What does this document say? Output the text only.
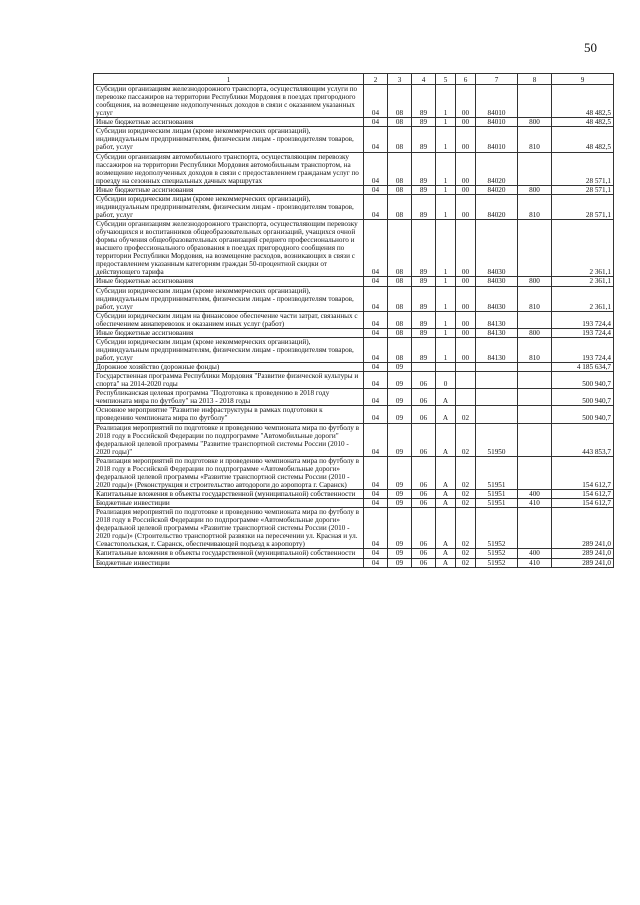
50
1	2	3	4	5	6	7	8	9
Субсидии организациям железнодорожного транспорта, осуществляющим услуги по перевозке пассажиров на территории Республики Мордовия в поездах пригородного сообщения, на возмещение недополученных доходов в связи с оказанием указанных услуг	04	08	89	1	00	84010		48 482,5
Иные бюджетные ассигнования	04	08	89	1	00	84010	800	48 482,5
Субсидии юридическим лицам (кроме некоммерческих организаций), индивидуальным предпринимателям, физическим лицам - производителям товаров, работ, услуг	04	08	89	1	00	84010	810	48 482,5
Субсидии организациям автомобильного транспорта, осуществляющим перевозку пассажиров на территории Республики Мордовия автомобильным транспортом, на возмещение недополученных доходов в связи с предоставлением гражданам услуг по проезду на сезонных специальных дачных маршрутах	04	08	89	1	00	84020		28 571,1
Иные бюджетные ассигнования	04	08	89	1	00	84020	800	28 571,1
Субсидии юридическим лицам (кроме некоммерческих организаций), индивидуальным предпринимателям, физическим лицам - производителям товаров, работ, услуг	04	08	89	1	00	84020	810	28 571,1
Субсидии организациям железнодорожного транспорта, осуществляющим перевозку обучающихся и воспитанников общеобразовательных организаций, учащихся очной формы обучения общеобразовательных организаций среднего профессионального и высшего профессионального образования в поездах пригородного сообщения по территории Республики Мордовия, на возмещение расходов, возникающих в связи с предоставлением указанным категориям граждан 50-процентной скидки от действующего тарифа	04	08	89	1	00	84030		2 361,1
Иные бюджетные ассигнования	04	08	89	1	00	84030	800	2 361,1
Субсидии юридическим лицам (кроме некоммерческих организаций), индивидуальным предпринимателям, физическим лицам - производителям товаров, работ, услуг	04	08	89	1	00	84030	810	2 361,1
Субсидии юридическим лицам на финансовое обеспечение части затрат, связанных с обеспечением авиаперевозок и оказанием иных услуг (работ)	04	08	89	1	00	84130		193 724,4
Иные бюджетные ассигнования	04	08	89	1	00	84130	800	193 724,4
Субсидии юридическим лицам (кроме некоммерческих организаций), индивидуальным предпринимателям, физическим лицам - производителям товаров, работ, услуг	04	08	89	1	00	84130	810	193 724,4
Дорожное хозяйство (дорожные фонды)	04	09						4 185 634,7
Государственная программа Республики Мордовия "Развитие физической культуры и спорта" на 2014-2020 годы	04	09	06	0				500 940,7
Республиканская целевая программа "Подготовка к проведению в 2018 году чемпионата мира по футболу" на 2013 - 2018 годы	04	09	06	А				500 940,7
Основное мероприятие "Развитие инфраструктуры в рамках подготовки к проведению чемпионата мира по футболу"	04	09	06	А	02			500 940,7
Реализация мероприятий по подготовке и проведению чемпионата мира по футболу в 2018 году в Российской Федерации по подпрограмме "Автомобильные дороги" федеральной целевой программы "Развитие транспортной системы России (2010 - 2020 годы)"	04	09	06	А	02	51950		443 853,7
Реализация мероприятий по подготовке и проведению чемпионата мира по футболу в 2018 году в Российской Федерации по подпрограмме «Автомобильные дороги» федеральной целевой программы «Развитие транспортной системы России (2010 - 2020 годы)» (Реконструкция и строительство автодороги до аэропорта г. Саранск)	04	09	06	А	02	51951		154 612,7
Капитальные вложения в объекты государственной (муниципальной) собственности	04	09	06	А	02	51951	400	154 612,7
Бюджетные инвестиции	04	09	06	А	02	51951	410	154 612,7
Реализация мероприятий по подготовке и проведению чемпионата мира по футболу в 2018 году в Российской Федерации по подпрограмме «Автомобильные дороги» федеральной целевой программы «Развитие транспортной системы России (2010 - 2020 годы)» (Строительство транспортной развязки на пересечении ул. Красная и ул. Севастопольская, г. Саранск, обеспечивающей подъезд к аэропорту)	04	09	06	А	02	51952		289 241,0
Капитальные вложения в объекты государственной (муниципальной) собственности	04	09	06	А	02	51952	400	289 241,0
Бюджетные инвестиции	04	09	06	А	02	51952	410	289 241,0
